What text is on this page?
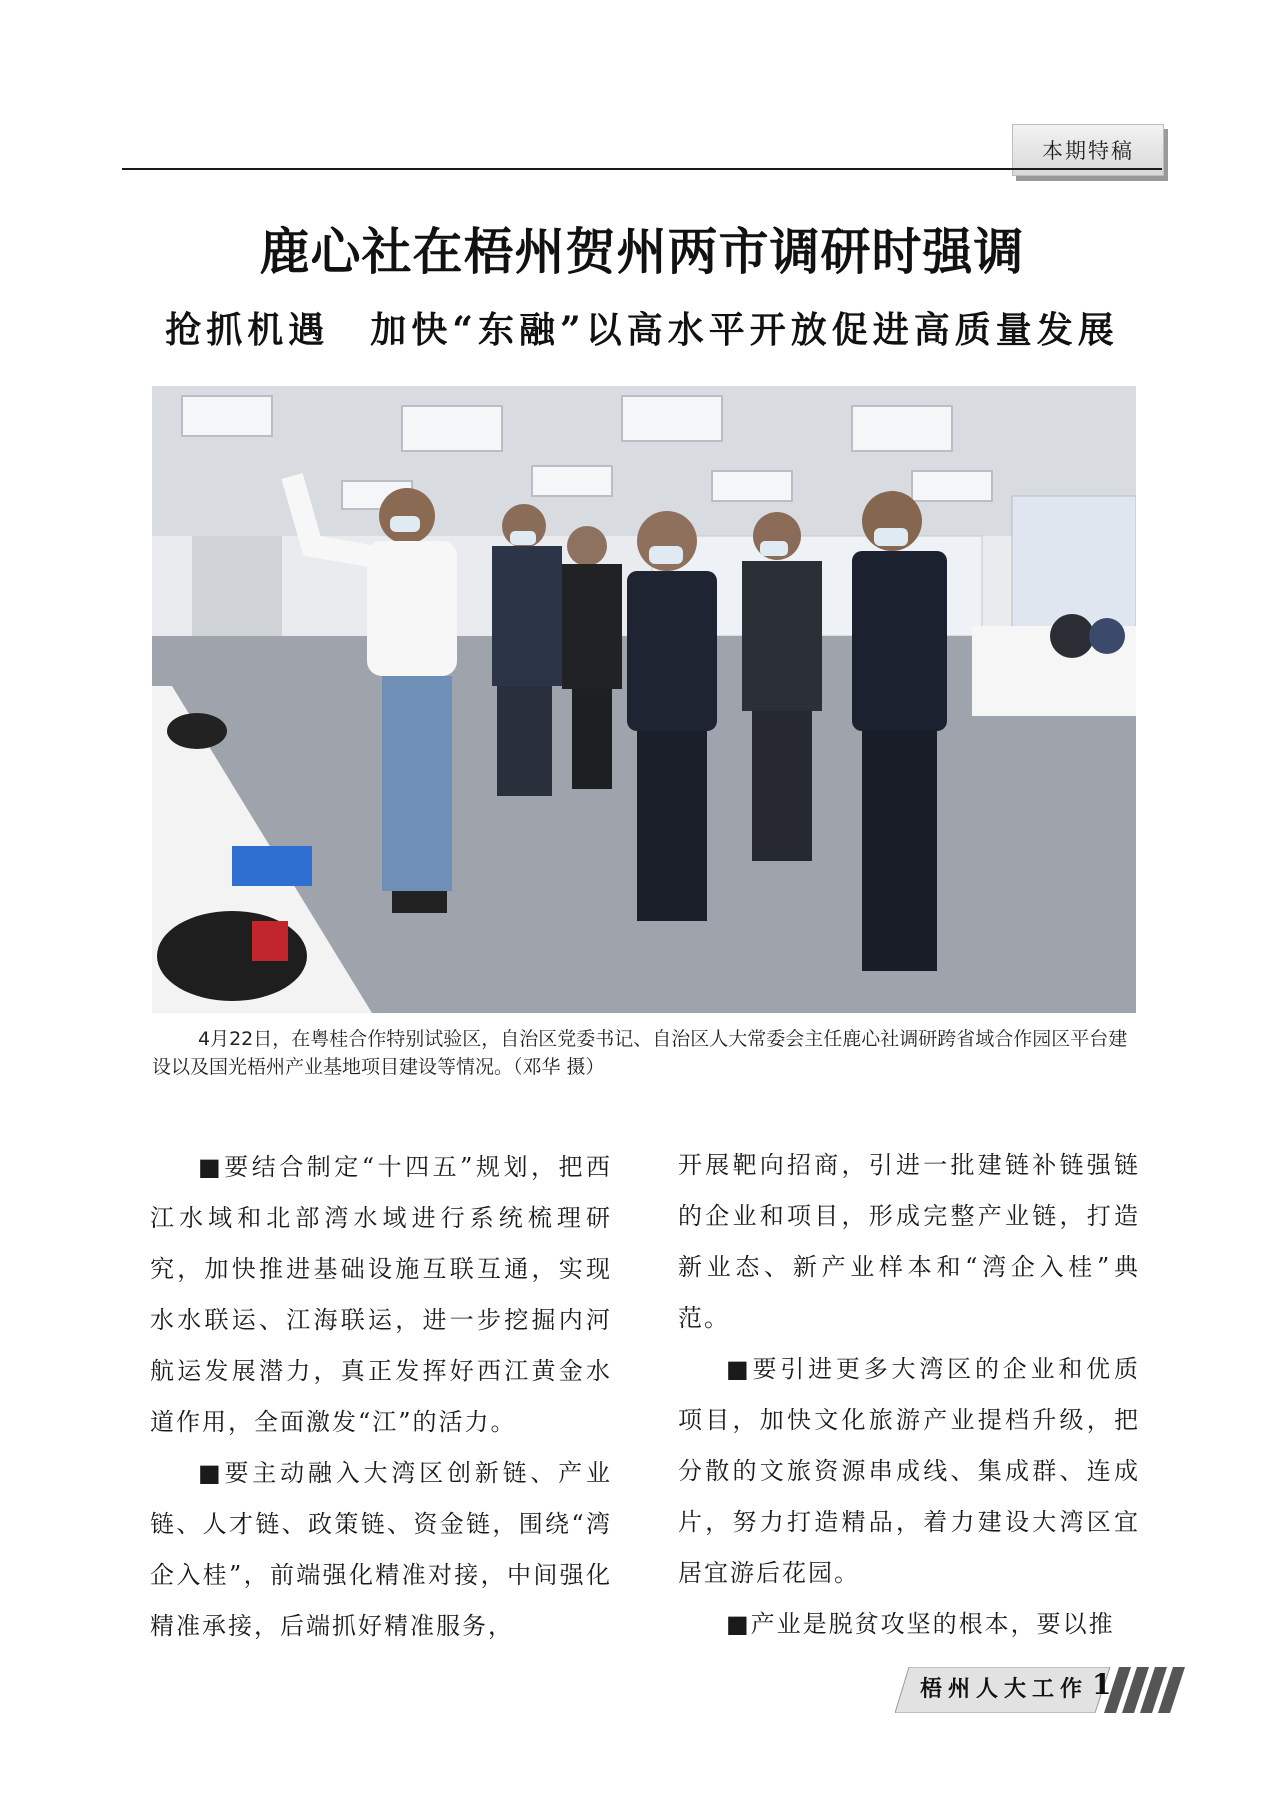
本期特稿
鹿心社在梧州贺州两市调研时强调
抢抓机遇　加快“东融”以高水平开放促进高质量发展

4月22日，在粤桂合作特别试验区，自治区党委书记、自治区人大常委会主任鹿心社调研跨省域合作园区平台建设以及国光梧州产业基地项目建设等情况。（邓华 摄）

■要结合制定“十四五”规划，把西江水域和北部湾水域进行系统梳理研究，加快推进基础设施互联互通，实现水水联运、江海联运，进一步挖掘内河航运发展潜力，真正发挥好西江黄金水道作用，全面激发“江”的活力。

■要主动融入大湾区创新链、产业链、人才链、政策链、资金链，围绕“湾企入桂”，前端强化精准对接，中间强化精准承接，后端抓好精准服务，

开展靶向招商，引进一批建链补链强链的企业和项目，形成完整产业链，打造新业态、新产业样本和“湾企入桂”典范。

■要引进更多大湾区的企业和优质项目，加快文化旅游产业提档升级，把分散的文旅资源串成线、集成群、连成片，努力打造精品，着力建设大湾区宜居宜游后花园。

■产业是脱贫攻坚的根本，要以推

梧州人大工作 1
